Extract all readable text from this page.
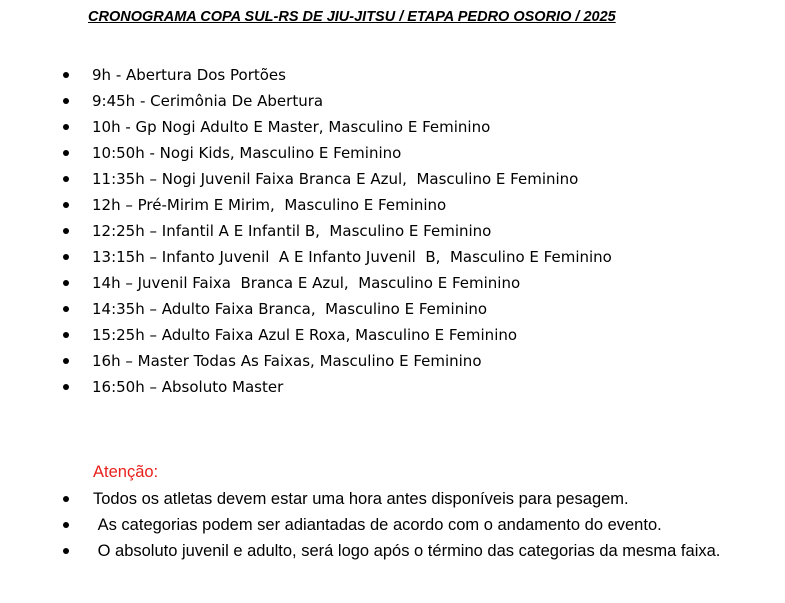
CRONOGRAMA COPA SUL-RS DE JIU-JITSU / ETAPA PEDRO OSORIO / 2025
9h - Abertura Dos Portões
9:45h - Cerimônia De Abertura
10h - Gp Nogi Adulto E Master, Masculino E Feminino
10:50h - Nogi Kids, Masculino E Feminino
11:35h – Nogi Juvenil Faixa Branca E Azul,  Masculino E Feminino
12h – Pré-Mirim E Mirim,  Masculino E Feminino
12:25h – Infantil A E Infantil B,  Masculino E Feminino
13:15h – Infanto Juvenil  A E Infanto Juvenil  B,  Masculino E Feminino
14h – Juvenil Faixa  Branca E Azul,  Masculino E Feminino
14:35h – Adulto Faixa Branca,  Masculino E Feminino
15:25h – Adulto Faixa Azul E Roxa, Masculino E Feminino
16h – Master Todas As Faixas, Masculino E Feminino
16:50h – Absoluto Master

Atenção:

Todos os atletas devem estar uma hora antes disponíveis para pesagem.
As categorias podem ser adiantadas de acordo com o andamento do evento.
O absoluto juvenil e adulto, será logo após o término das categorias da mesma faixa.
